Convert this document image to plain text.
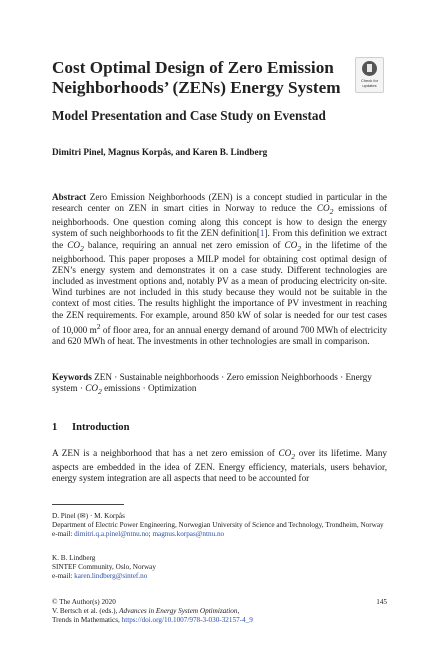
Cost Optimal Design of Zero Emission Neighborhoods’ (ZENs) Energy System	Check for
updates
Model Presentation and Case Study on Evenstad

Dimitri Pinel, Magnus Korpås, and Karen B. Lindberg

Abstract Zero Emission Neighborhoods (ZEN) is a concept studied in particular in the research center on ZEN in smart cities in Norway to reduce the $CO_2$ emissions of neighborhoods. One question coming along this concept is how to design the energy system of such neighborhoods to fit the ZEN definition[1]. From this definition we extract the $CO_2$ balance, requiring an annual net zero emission of $CO_2$ in the lifetime of the neighborhood. This paper proposes a MILP model for obtaining cost optimal design of ZEN’s energy system and demonstrates it on a case study. Different technologies are included as investment options and, notably PV as a mean of producing electricity on-site. Wind turbines are not included in this study because they would not be suitable in the context of most cities. The results highlight the importance of PV investment in reaching the ZEN requirements. For example, around 850 kW of solar is needed for our test cases of 10,000 $m^2$ of floor area, for an annual energy demand of around 700 MWh of electricity and 620 MWh of heat. The investments in other technologies are small in comparison.

Keywords ZEN · Sustainable neighborhoods · Zero emission Neighborhoods · Energy system · $CO_2$ emissions · Optimization

1 Introduction

A ZEN is a neighborhood that has a net zero emission of $CO_2$ over its lifetime. Many aspects are embedded in the idea of ZEN. Energy efficiency, materials, users behavior, energy system integration are all aspects that need to be accounted for

D. Pinel (✉) · M. Korpås
Department of Electric Power Engineering, Norwegian University of Science and Technology, Trondheim, Norway
e-mail: dimitri.q.a.pinel@ntnu.no; magnus.korpas@ntnu.no
K. B. Lindberg
SINTEF Community, Oslo, Norway
e-mail: karen.lindberg@sintef.no
© The Author(s) 2020
V. Bertsch et al. (eds.), Advances in Energy System Optimization,
Trends in Mathematics, https://doi.org/10.1007/978-3-030-32157-4_9
145
